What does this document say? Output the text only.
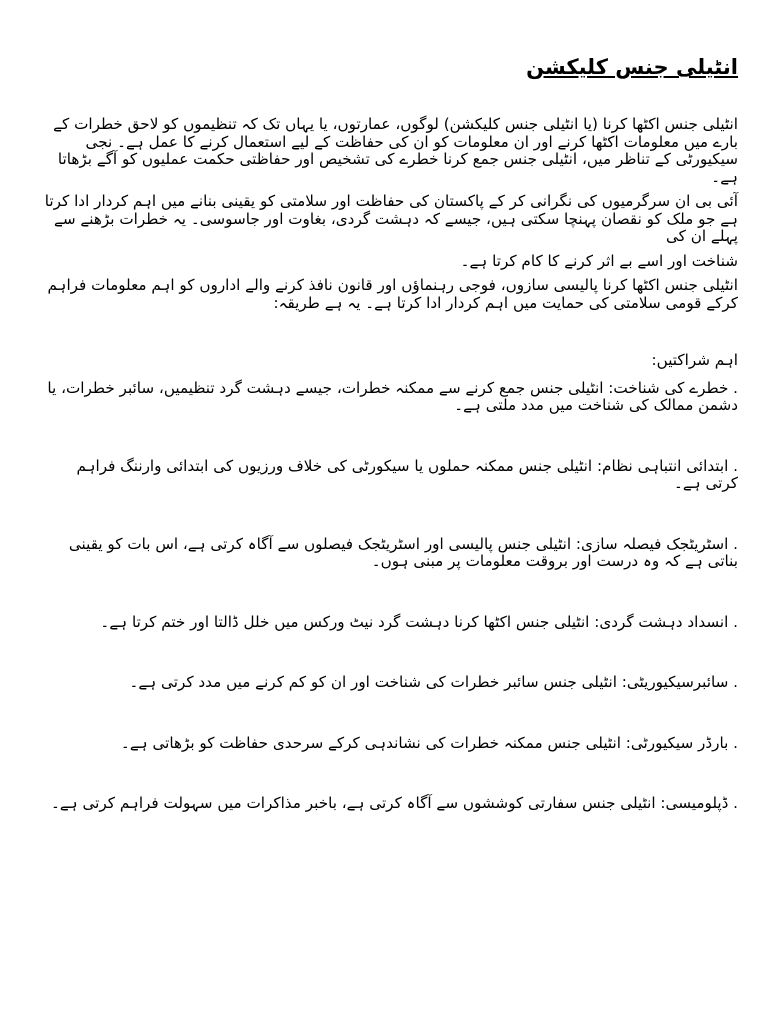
انٹیلی جنس کلیکشن

انٹیلی جنس اکٹھا کرنا (یا انٹیلی جنس کلیکشن) لوگوں، عمارتوں، یا یہاں تک کہ تنظیموں کو لاحق خطرات کے بارے میں معلومات اکٹھا کرنے اور ان معلومات کو ان کی حفاظت کے لیے استعمال کرنے کا عمل ہے۔ نجی سیکیورٹی کے تناظر میں، انٹیلی جنس جمع کرنا خطرے کی تشخیص اور حفاظتی حکمت عملیوں کو آگے بڑھاتا ہے۔

آئی بی ان سرگرمیوں کی نگرانی کر کے پاکستان کی حفاظت اور سلامتی کو یقینی بنانے میں اہم کردار ادا کرتا ہے جو ملک کو نقصان پہنچا سکتی ہیں، جیسے کہ دہشت گردی، بغاوت اور جاسوسی۔ یہ خطرات بڑھنے سے پہلے ان کی

شناخت اور اسے بے اثر کرنے کا کام کرتا ہے۔

انٹیلی جنس اکٹھا کرنا پالیسی سازوں، فوجی رہنماؤں اور قانون نافذ کرنے والے اداروں کو اہم معلومات فراہم کرکے قومی سلامتی کی حمایت میں اہم کردار ادا کرتا ہے۔ یہ ہے طریقہ:

اہم شراکتیں:

. خطرے کی شناخت: انٹیلی جنس جمع کرنے سے ممکنہ خطرات، جیسے دہشت گرد تنظیمیں، سائبر خطرات، یا دشمن ممالک کی شناخت میں مدد ملتی ہے۔
. ابتدائی انتباہی نظام: انٹیلی جنس ممکنہ حملوں یا سیکورٹی کی خلاف ورزیوں کی ابتدائی وارننگ فراہم کرتی ہے۔
. اسٹریٹجک فیصلہ سازی: انٹیلی جنس پالیسی اور اسٹریٹجک فیصلوں سے آگاہ کرتی ہے، اس بات کو یقینی بناتی ہے کہ وہ درست اور بروقت معلومات پر مبنی ہوں۔
. انسداد دہشت گردی: انٹیلی جنس اکٹھا کرنا دہشت گرد نیٹ ورکس میں خلل ڈالتا اور ختم کرتا ہے۔
. سائبرسیکیوریٹی: انٹیلی جنس سائبر خطرات کی شناخت اور ان کو کم کرنے میں مدد کرتی ہے۔
. بارڈر سیکیورٹی: انٹیلی جنس ممکنہ خطرات کی نشاندہی کرکے سرحدی حفاظت کو بڑھاتی ہے۔
. ڈپلومیسی: انٹیلی جنس سفارتی کوششوں سے آگاہ کرتی ہے، باخبر مذاکرات میں سہولت فراہم کرتی ہے۔
